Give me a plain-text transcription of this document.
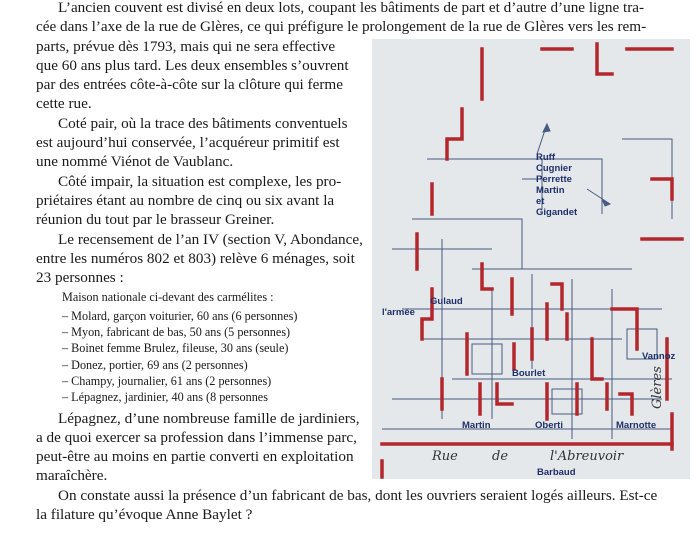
L’ancien couvent est divisé en deux lots, coupant les bâtiments de part et d’autre d’une ligne tra-
cée dans l’axe de la rue de Glères, ce qui préfigure le prolongement de la rue de Glères vers les rem-
parts, prévue dès 1793, mais qui ne sera effective
que 60 ans plus tard. Les deux ensembles s’ouvrent
par des entrées côte-à-côte sur la clôture qui ferme
cette rue.
Coté pair, où la trace des bâtiments conventuels
est aujourd’hui conservée, l’acquéreur primitif est
une nommé Viénot de Vaublanc.
Côté impair, la situation est complexe, les pro-
priétaires étant au nombre de cinq ou six avant la
réunion du tout par le brasseur Greiner.
Le recensement de l’an IV (section V, Abondance,
entre les numéros 802 et 803) relève 6 ménages, soit
23 personnes :
Maison nationale ci-devant des carmélites :
– Molard, garçon voiturier, 60 ans (6 personnes)
– Myon, fabricant de bas, 50 ans (5 personnes)
– Boinet femme Brulez, fileuse, 30 ans (seule)
– Donez, portier, 69 ans (2 personnes)
– Champy, journalier, 61 ans (2 personnes)
– Lépagnez, jardinier, 40 ans (8 personnes
Lépagnez, d’une nombreuse famille de jardiniers,
a de quoi exercer sa profession dans l’immense parc,
peut-être au moins en partie converti en exploitation
maraîchère.
On constate aussi la présence d’un fabricant de bas, dont les ouvriers seraient logés ailleurs. Est-ce
la filature qu’évoque Anne Baylet ?
Ruff
Cugnier
Perrette
Martin
et
Gigandet
Gulaud
l'armée
Vannoz
Bourlet
Martin	Oberti	Marnotte
Barbaud
Glères
Rue	de	l'Abreuvoir
